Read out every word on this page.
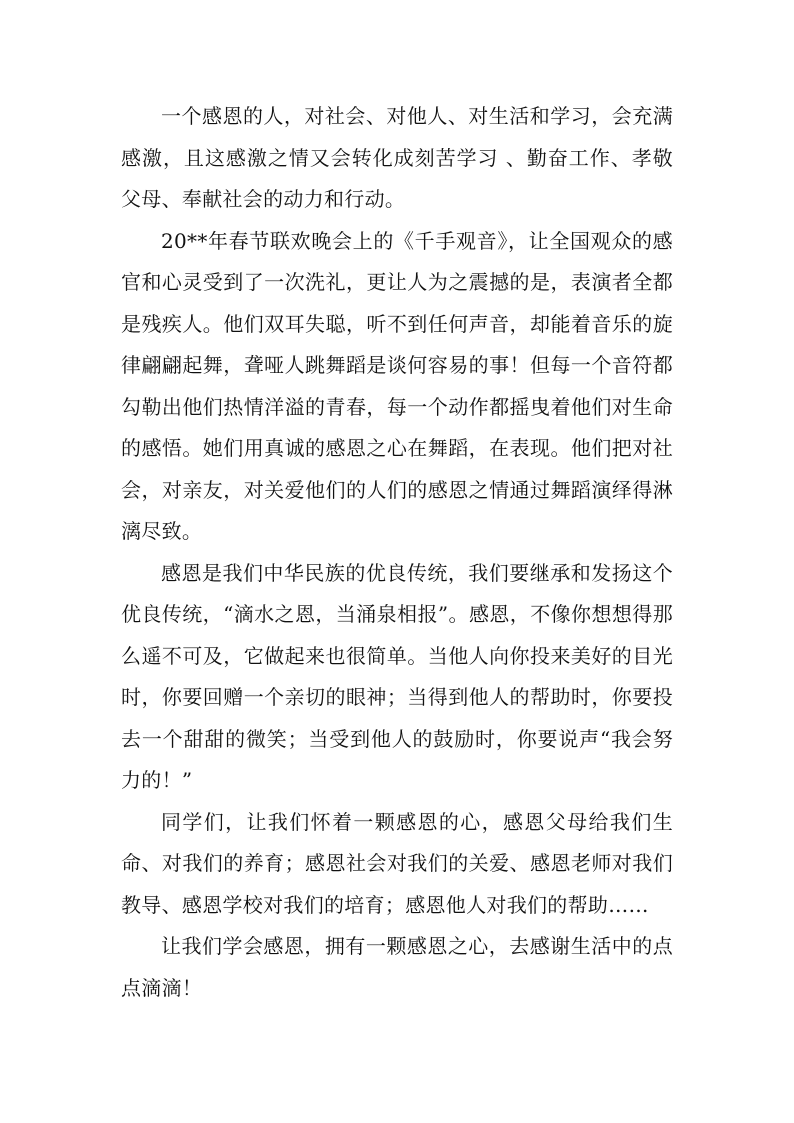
一个感恩的人，对社会、对他人、对生活和学习，会充满感激，且这感激之情又会转化成刻苦学习 、勤奋工作、孝敬父母、奉献社会的动力和行动。

20**年春节联欢晚会上的《千手观音》，让全国观众的感官和心灵受到了一次洗礼，更让人为之震撼的是，表演者全都是残疾人。他们双耳失聪，听不到任何声音，却能着音乐的旋律翩翩起舞，聋哑人跳舞蹈是谈何容易的事！但每一个音符都勾勒出他们热情洋溢的青春，每一个动作都摇曳着他们对生命的感悟。她们用真诚的感恩之心在舞蹈，在表现。他们把对社会，对亲友，对关爱他们的人们的感恩之情通过舞蹈演绎得淋漓尽致。

感恩是我们中华民族的优良传统，我们要继承和发扬这个优良传统，“滴水之恩，当涌泉相报”。感恩，不像你想想得那么遥不可及，它做起来也很简单。当他人向你投来美好的目光时，你要回赠一个亲切的眼神；当得到他人的帮助时，你要投去一个甜甜的微笑；当受到他人的鼓励时，你要说声“我会努力的！”

同学们，让我们怀着一颗感恩的心，感恩父母给我们生命、对我们的养育；感恩社会对我们的关爱、感恩老师对我们教导、感恩学校对我们的培育；感恩他人对我们的帮助……

让我们学会感恩，拥有一颗感恩之心，去感谢生活中的点点滴滴！
